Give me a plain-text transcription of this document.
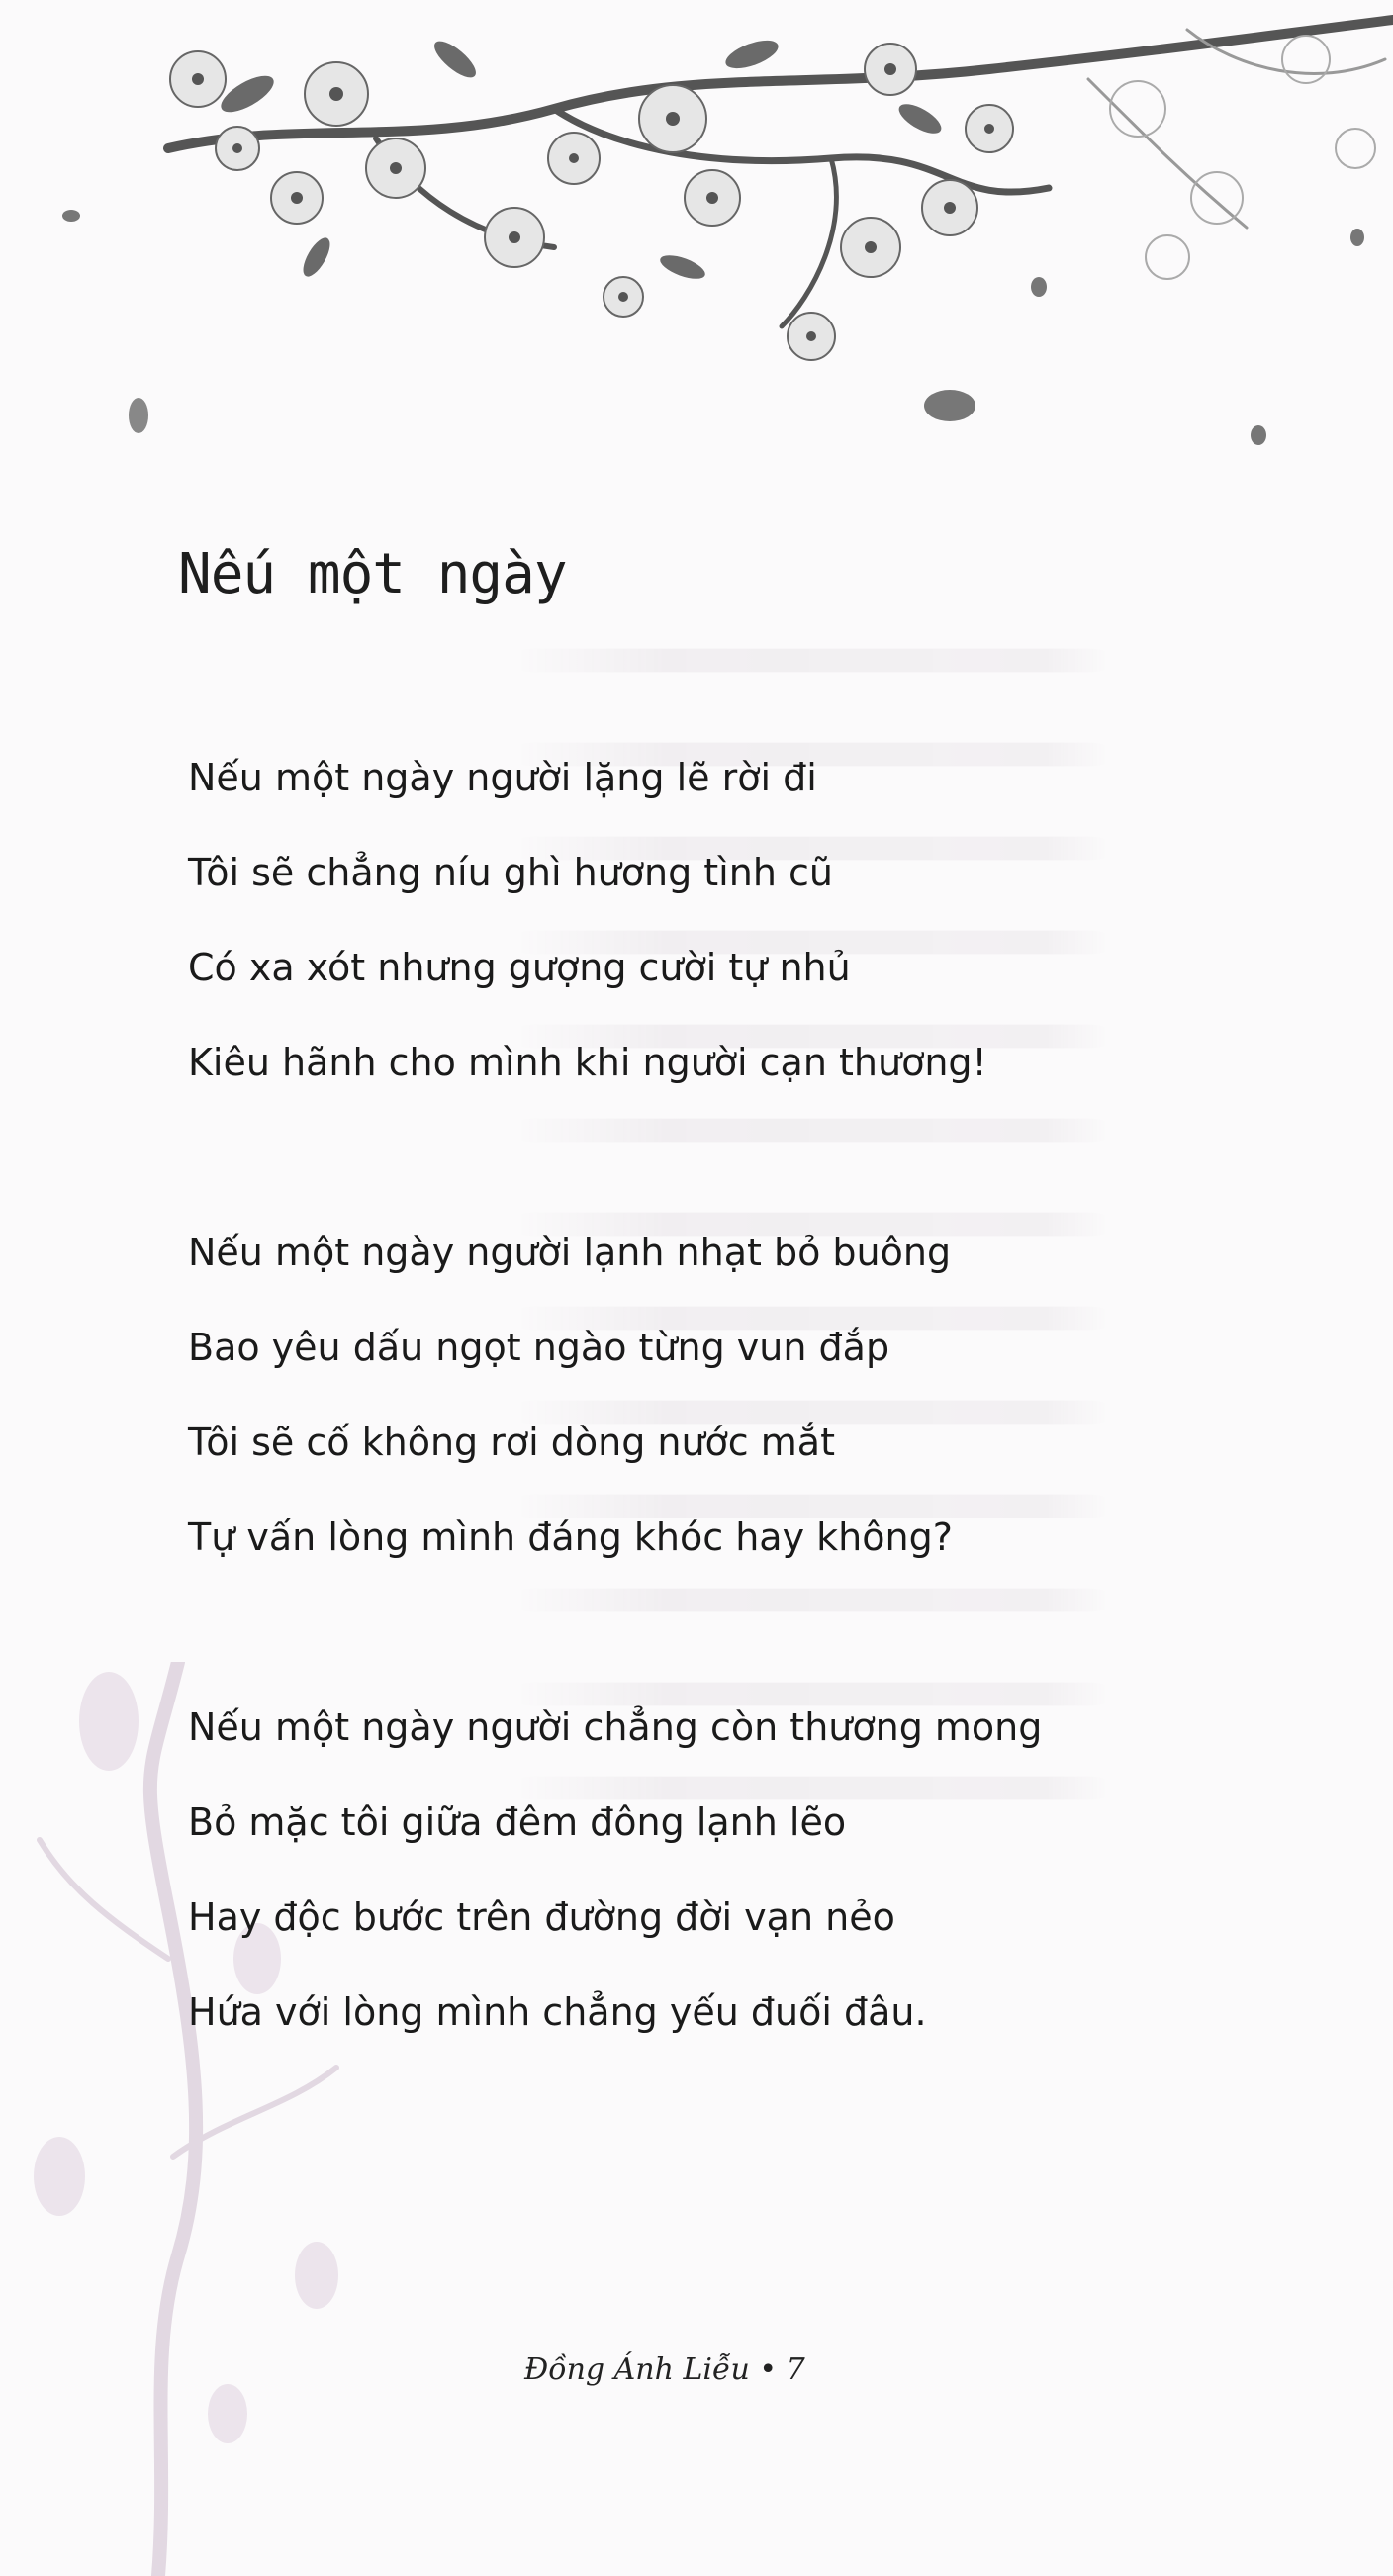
Nếu một ngày
Nếu một ngày người lặng lẽ rời đi
Tôi sẽ chẳng níu ghì hương tình cũ
Có xa xót nhưng gượng cười tự nhủ
Kiêu hãnh cho mình khi người cạn thương!
Nếu một ngày người lạnh nhạt bỏ buông
Bao yêu dấu ngọt ngào từng vun đắp
Tôi sẽ cố không rơi dòng nước mắt
Tự vấn lòng mình đáng khóc hay không?
Nếu một ngày người chẳng còn thương mong
Bỏ mặc tôi giữa đêm đông lạnh lẽo
Hay độc bước trên đường đời vạn nẻo
Hứa với lòng mình chẳng yếu đuối đâu.
Đồng Ánh Liễu • 7
